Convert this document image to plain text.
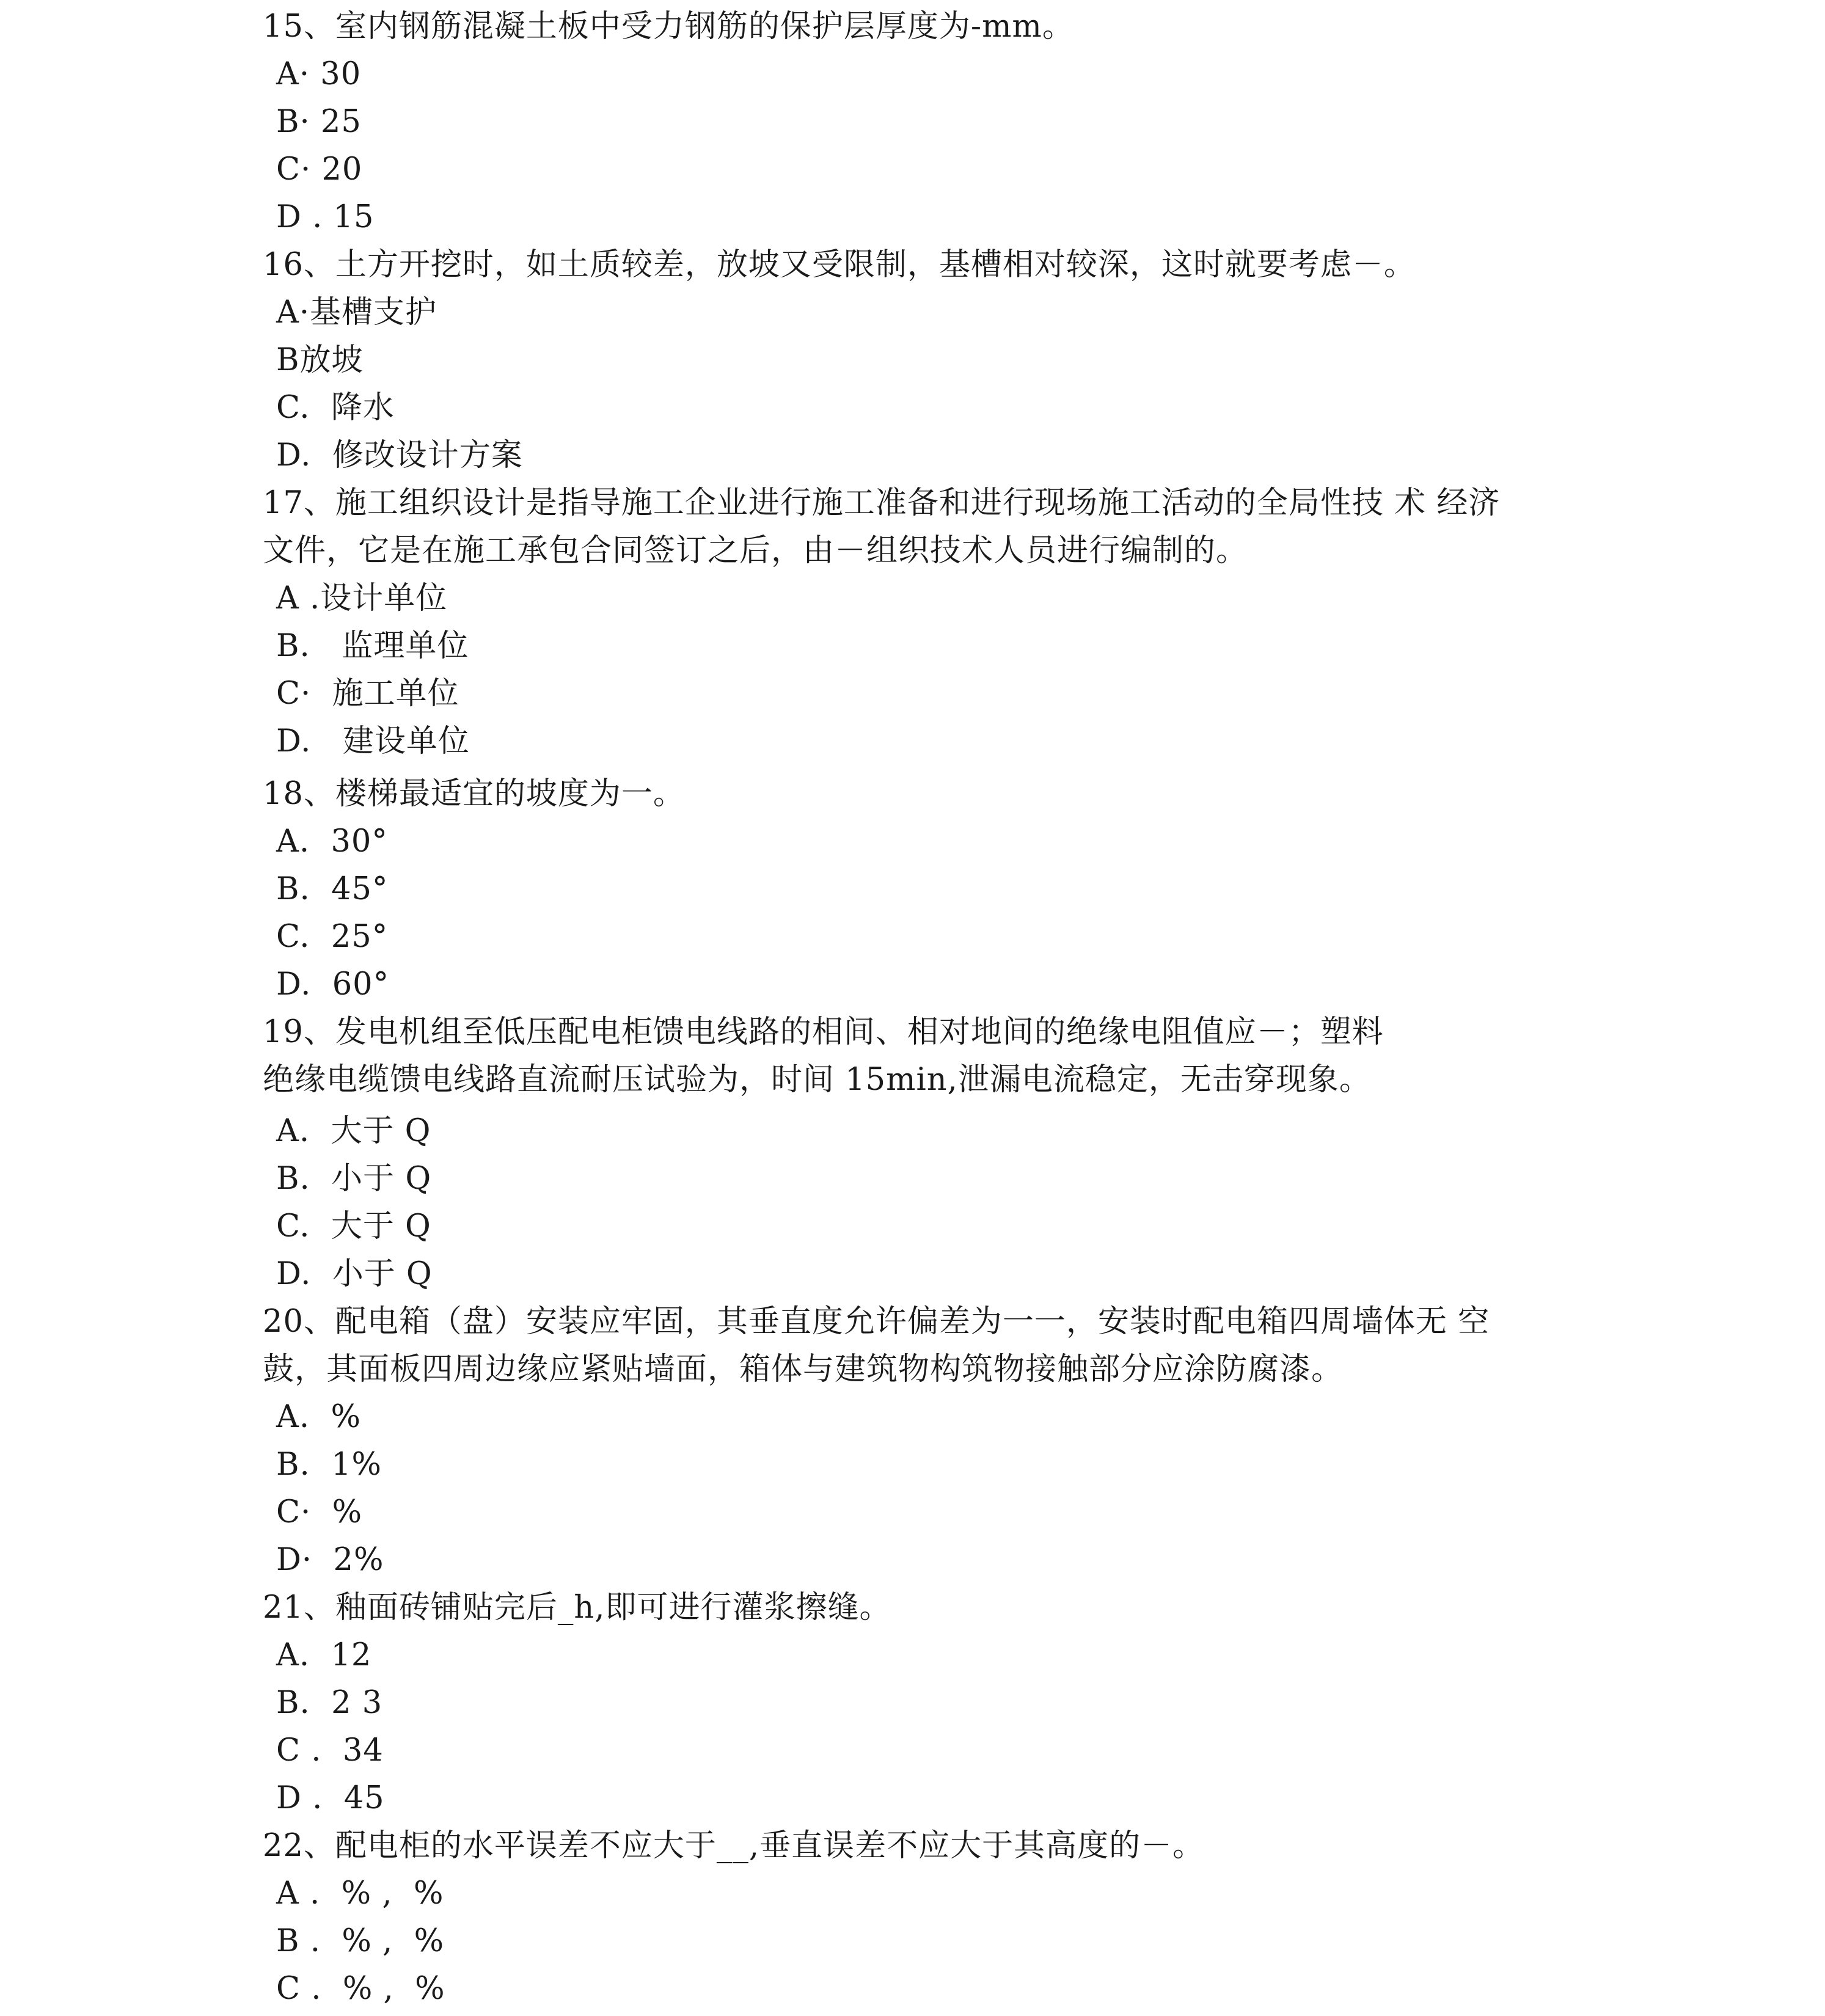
15、室内钢筋混凝土板中受力钢筋的保护层厚度为-mm。
A· 30
B· 25
C· 20
D . 15
16、土方开挖时，如土质较差，放坡又受限制，基槽相对较深，这时就要考虑－。
A·基槽支护
B放坡
C.  降水
D.  修改设计方案
17、施工组织设计是指导施工企业进行施工准备和进行现场施工活动的全局性技 术 经济
文件，它是在施工承包合同签订之后，由－组织技术人员进行编制的。
A .设计单位
B.   监理单位
C·  施工单位
D.   建设单位
18、楼梯最适宜的坡度为一。
A.  30°
B.  45°
C.  25°
D.  60°
19、发电机组至低压配电柜馈电线路的相间、相对地间的绝缘电阻值应－；塑料
绝缘电缆馈电线路直流耐压试验为，时间 15min,泄漏电流稳定，无击穿现象。
A.  大于 Q
B.  小于 Q
C.  大于 Q
D.  小于 Q
20、配电箱（盘）安装应牢固，其垂直度允许偏差为一一，安装时配电箱四周墙体无 空
鼓，其面板四周边缘应紧贴墙面，箱体与建筑物构筑物接触部分应涂防腐漆。
A.  %
B.  1%
C·  %
D·  2%
21、釉面砖铺贴完后_h,即可进行灌浆擦缝。
A.  12
B.  2 3
C .  34
D .  45
22、配电柜的水平误差不应大于__,垂直误差不应大于其高度的－。
A .  % ,  %
B .  % ,  %
C .  % ,  %
